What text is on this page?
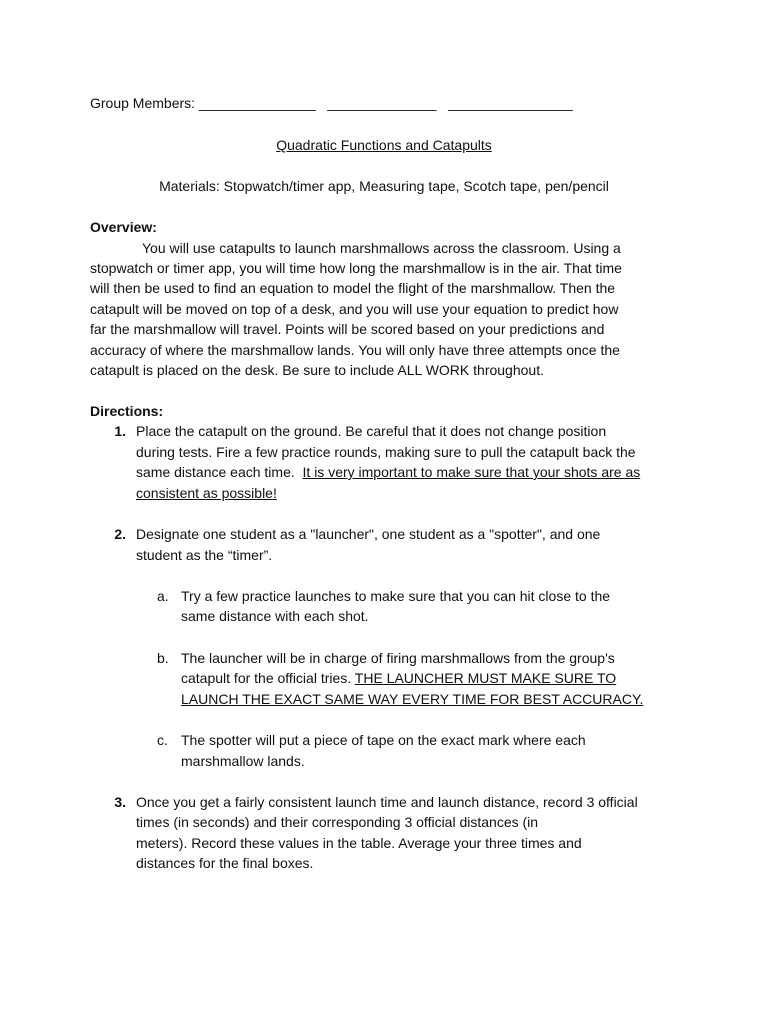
Group Members: _______________ ______________ ________________
Quadratic Functions and Catapults
Materials: Stopwatch/timer app, Measuring tape, Scotch tape, pen/pencil
Overview:
You will use catapults to launch marshmallows across the classroom. Using a
stopwatch or timer app, you will time how long the marshmallow is in the air. That time
will then be used to find an equation to model the flight of the marshmallow. Then the
catapult will be moved on top of a desk, and you will use your equation to predict how
far the marshmallow will travel. Points will be scored based on your predictions and
accuracy of where the marshmallow lands. You will only have three attempts once the
catapult is placed on the desk. Be sure to include ALL WORK throughout.
Directions:
1. Place the catapult on the ground. Be careful that it does not change position
during tests. Fire a few practice rounds, making sure to pull the catapult back the
same distance each time.  It is very important to make sure that your shots are as
consistent as possible!
2. Designate one student as a "launcher", one student as a "spotter", and one
student as the “timer”.
a. Try a few practice launches to make sure that you can hit close to the
same distance with each shot.
b. The launcher will be in charge of firing marshmallows from the group's
catapult for the official tries. THE LAUNCHER MUST MAKE SURE TO
LAUNCH THE EXACT SAME WAY EVERY TIME FOR BEST ACCURACY.
c. The spotter will put a piece of tape on the exact mark where each
marshmallow lands.
3. Once you get a fairly consistent launch time and launch distance, record 3 official
times (in seconds) and their corresponding 3 official distances (in
meters). Record these values in the table. Average your three times and
distances for the final boxes.
